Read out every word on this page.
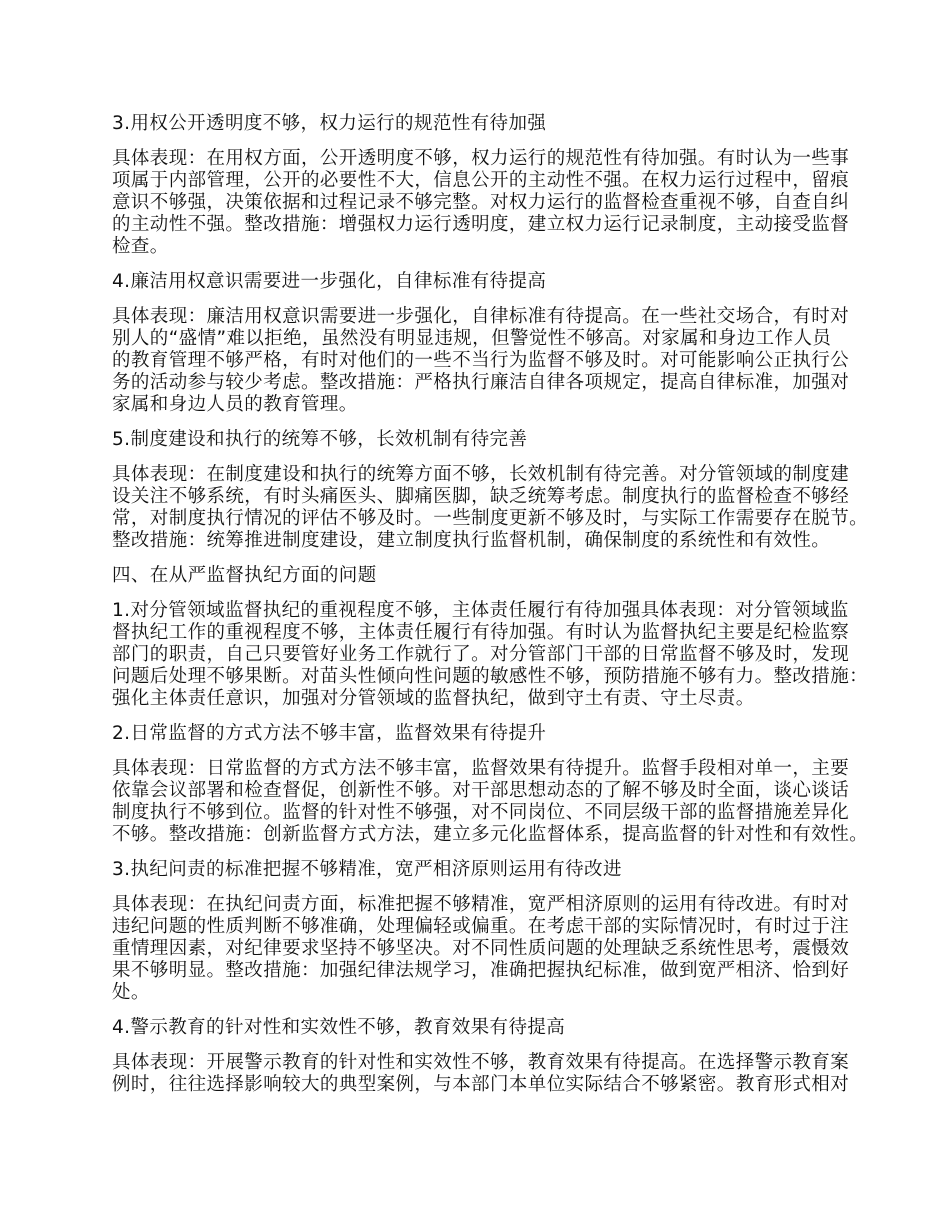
3.用权公开透明度不够，权力运行的规范性有待加强
具体表现：在用权方面，公开透明度不够，权力运行的规范性有待加强。有时认为一些事
项属于内部管理，公开的必要性不大，信息公开的主动性不强。在权力运行过程中，留痕
意识不够强，决策依据和过程记录不够完整。对权力运行的监督检查重视不够，自查自纠
的主动性不强。整改措施：增强权力运行透明度，建立权力运行记录制度，主动接受监督
检查。
4.廉洁用权意识需要进一步强化，自律标准有待提高
具体表现：廉洁用权意识需要进一步强化，自律标准有待提高。在一些社交场合，有时对
别人的“盛情”难以拒绝，虽然没有明显违规，但警觉性不够高。对家属和身边工作人员
的教育管理不够严格，有时对他们的一些不当行为监督不够及时。对可能影响公正执行公
务的活动参与较少考虑。整改措施：严格执行廉洁自律各项规定，提高自律标准，加强对
家属和身边人员的教育管理。
5.制度建设和执行的统筹不够，长效机制有待完善
具体表现：在制度建设和执行的统筹方面不够，长效机制有待完善。对分管领域的制度建
设关注不够系统，有时头痛医头、脚痛医脚，缺乏统筹考虑。制度执行的监督检查不够经
常，对制度执行情况的评估不够及时。一些制度更新不够及时，与实际工作需要存在脱节。
整改措施：统筹推进制度建设，建立制度执行监督机制，确保制度的系统性和有效性。
四、在从严监督执纪方面的问题
1.对分管领域监督执纪的重视程度不够，主体责任履行有待加强具体表现：对分管领域监
督执纪工作的重视程度不够，主体责任履行有待加强。有时认为监督执纪主要是纪检监察
部门的职责，自己只要管好业务工作就行了。对分管部门干部的日常监督不够及时，发现
问题后处理不够果断。对苗头性倾向性问题的敏感性不够，预防措施不够有力。整改措施：
强化主体责任意识，加强对分管领域的监督执纪，做到守土有责、守土尽责。
2.日常监督的方式方法不够丰富，监督效果有待提升
具体表现：日常监督的方式方法不够丰富，监督效果有待提升。监督手段相对单一，主要
依靠会议部署和检查督促，创新性不够。对干部思想动态的了解不够及时全面，谈心谈话
制度执行不够到位。监督的针对性不够强，对不同岗位、不同层级干部的监督措施差异化
不够。整改措施：创新监督方式方法，建立多元化监督体系，提高监督的针对性和有效性。
3.执纪问责的标准把握不够精准，宽严相济原则运用有待改进
具体表现：在执纪问责方面，标准把握不够精准，宽严相济原则的运用有待改进。有时对
违纪问题的性质判断不够准确，处理偏轻或偏重。在考虑干部的实际情况时，有时过于注
重情理因素，对纪律要求坚持不够坚决。对不同性质问题的处理缺乏系统性思考，震慑效
果不够明显。整改措施：加强纪律法规学习，准确把握执纪标准，做到宽严相济、恰到好
处。
4.警示教育的针对性和实效性不够，教育效果有待提高
具体表现：开展警示教育的针对性和实效性不够，教育效果有待提高。在选择警示教育案
例时，往往选择影响较大的典型案例，与本部门本单位实际结合不够紧密。教育形式相对
